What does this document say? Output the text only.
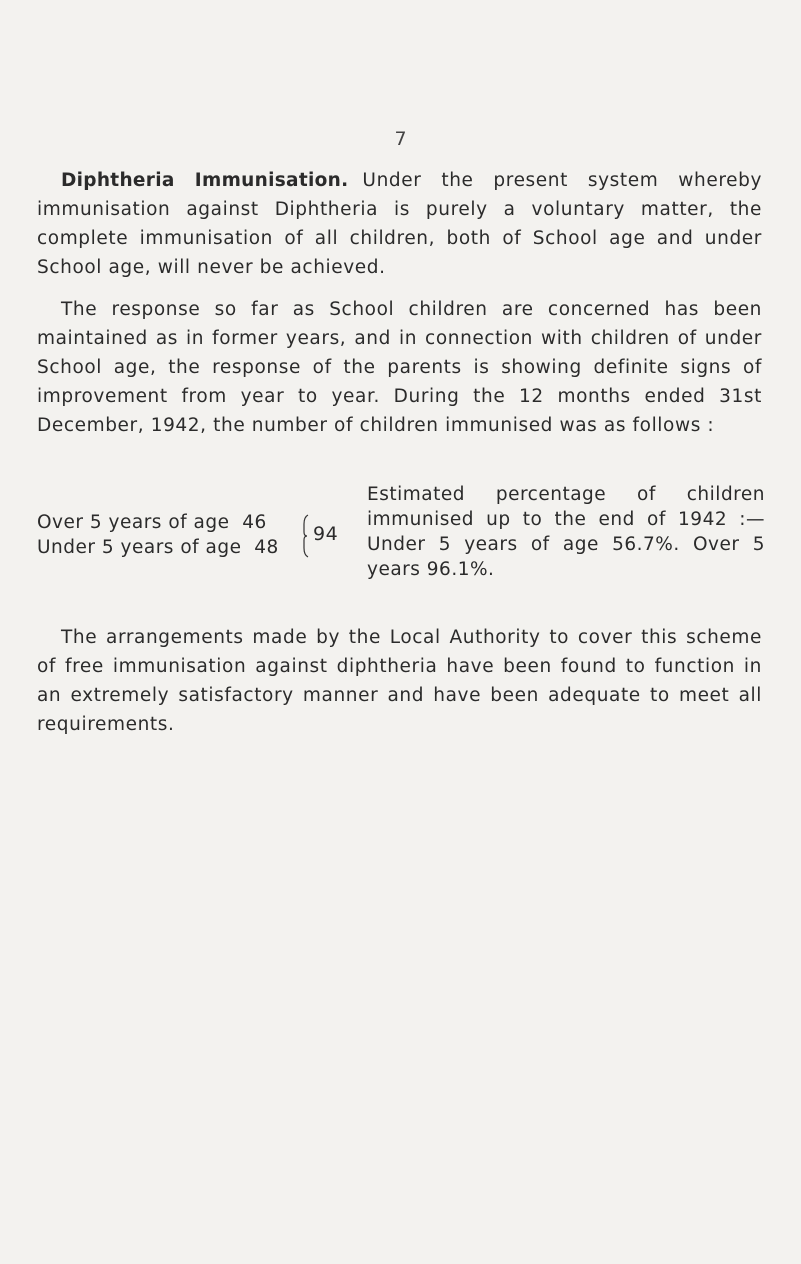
7

Diphtheria Immunisation. Under the present system whereby immunisation against Diphtheria is purely a voluntary matter, the complete immunisation of all children, both of School age and under School age, will never be achieved.

The response so far as School children are concerned has been maintained as in former years, and in connection with children of under School age, the response of the parents is showing definite signs of improvement from year to year. During the 12 months ended 31st December, 1942, the number of children immunised was as follows :

Over 5 years of age 46
Under 5 years of age 48
94
Estimated percentage of children immunised up to the end of 1942 :—Under 5 years of age 56.7%. Over 5 years 96.1%.

The arrangements made by the Local Authority to cover this scheme of free immunisation against diphtheria have been found to function in an extremely satisfactory manner and have been adequate to meet all requirements.
